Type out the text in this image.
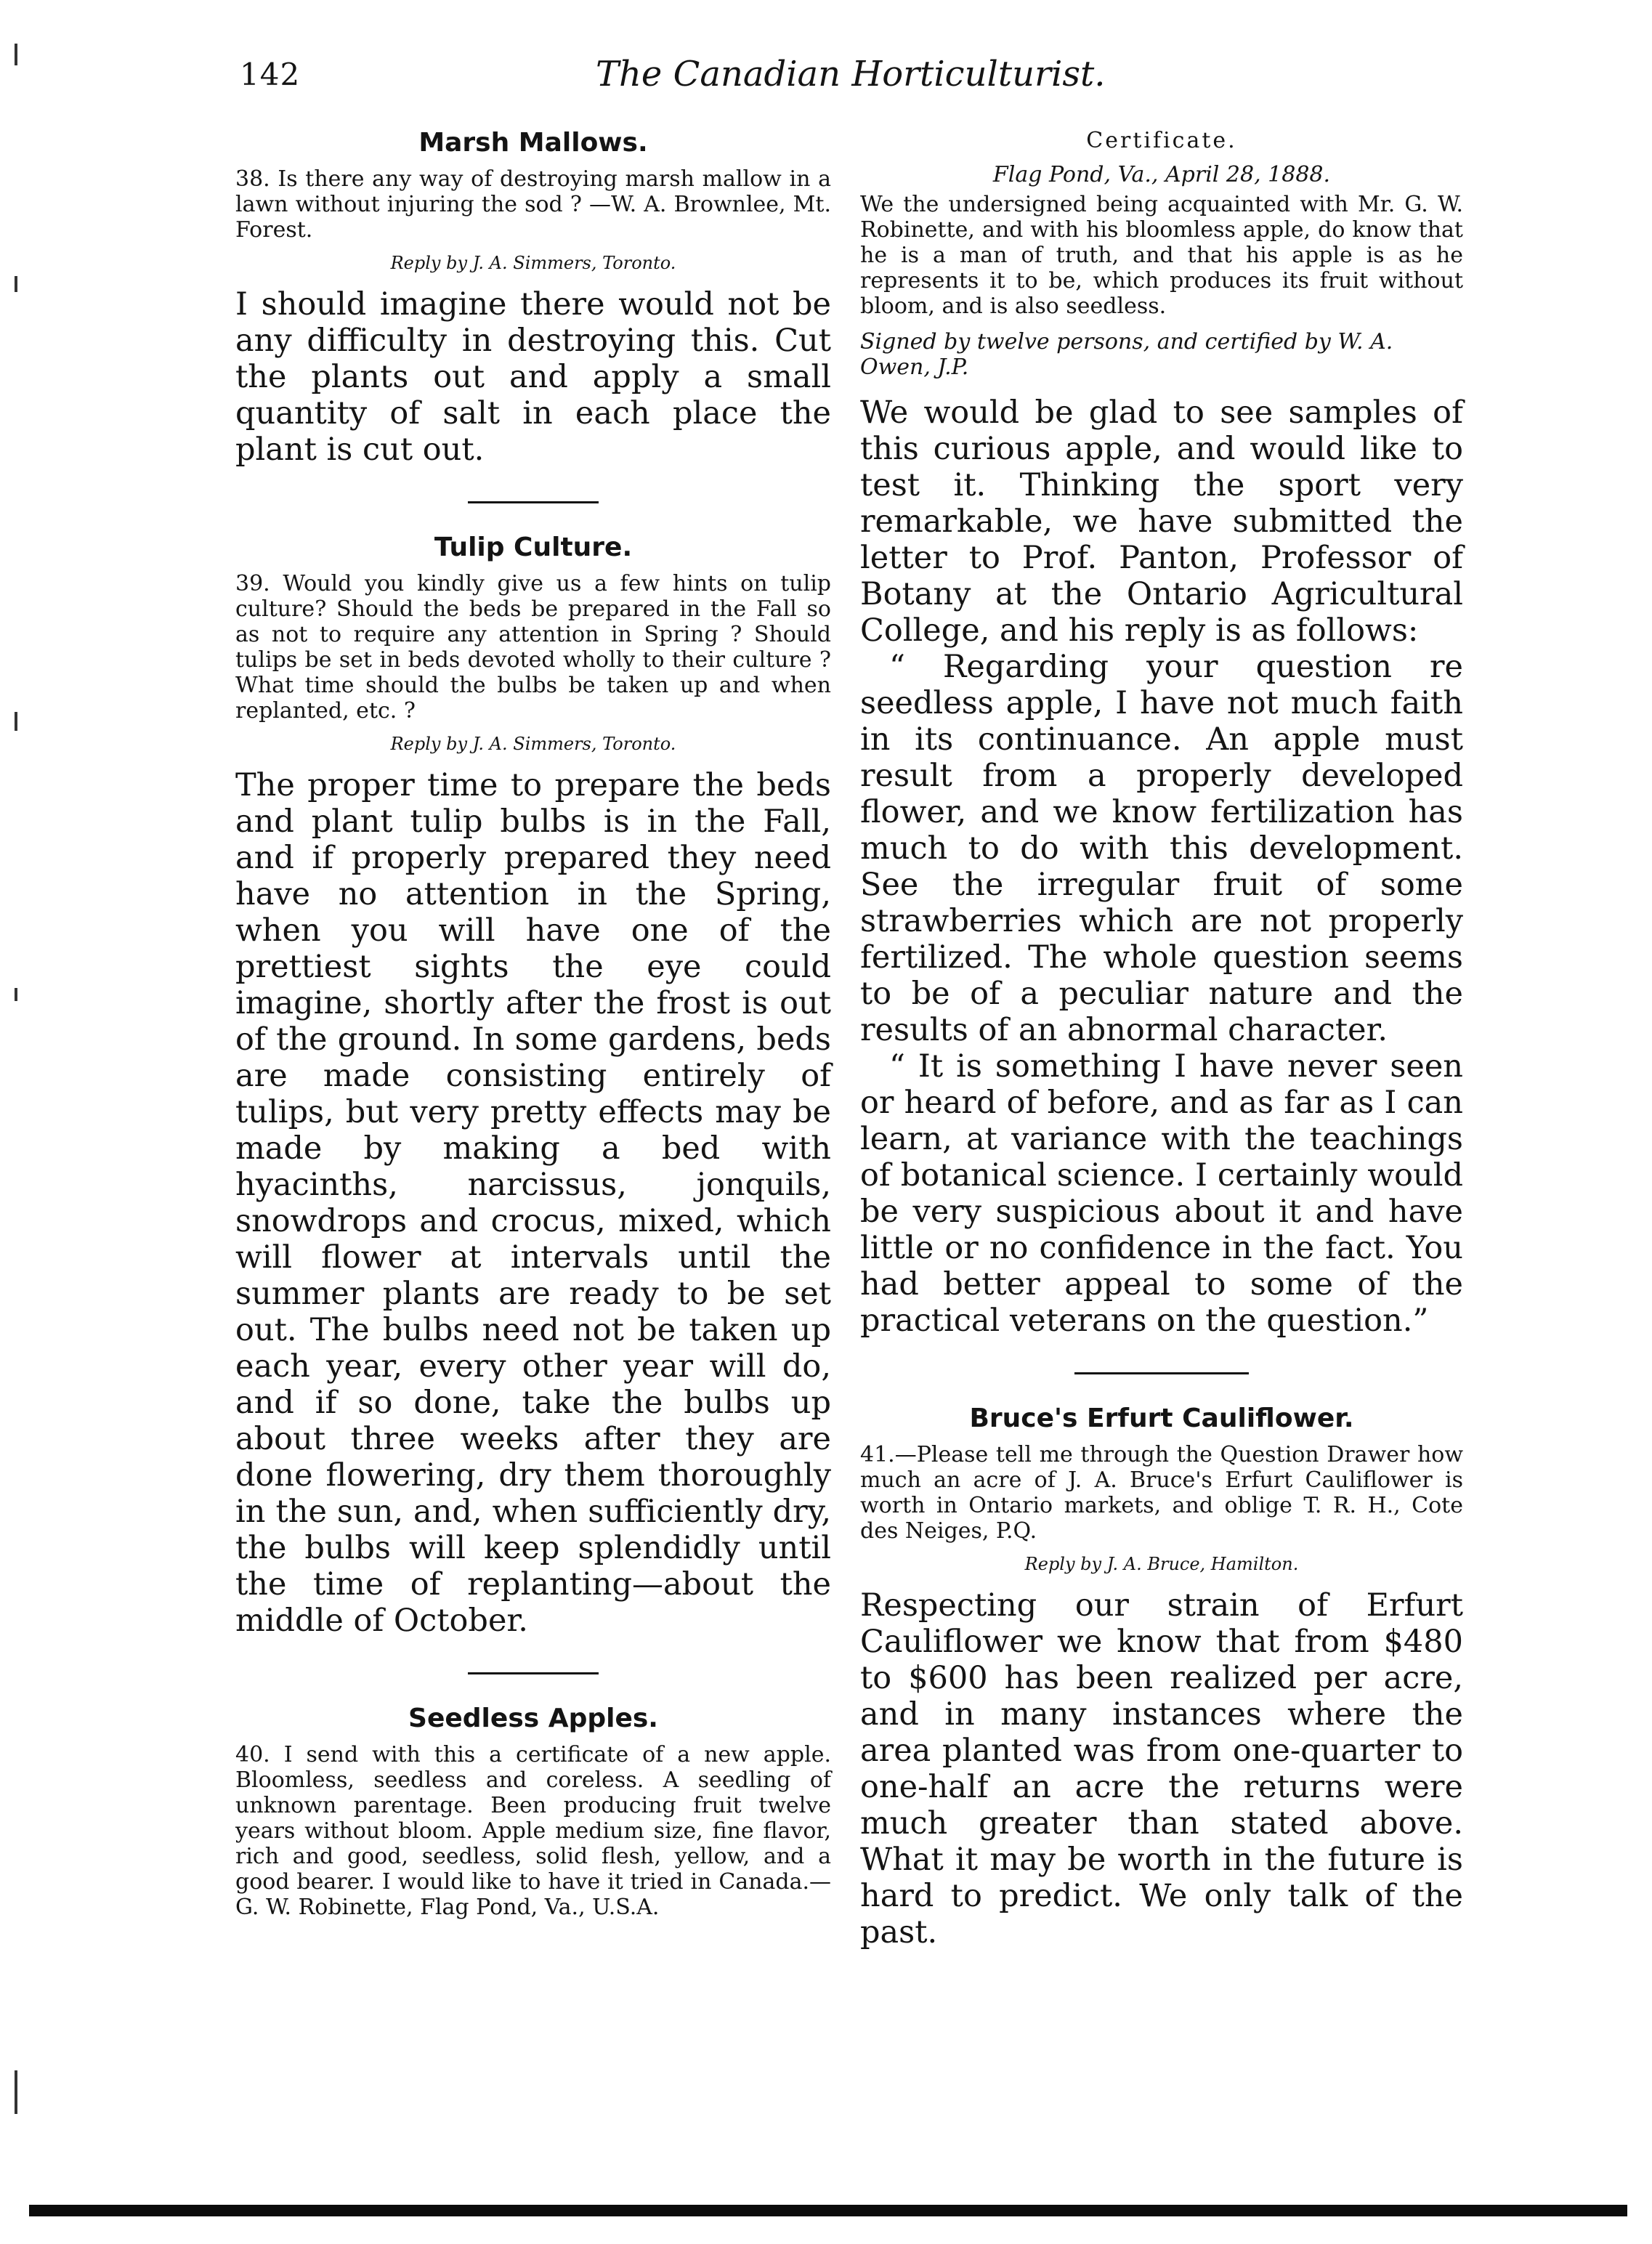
142	The Canadian Horticulturist.
Marsh Mallows.

38. Is there any way of destroying marsh mallow in a lawn without injuring the sod ? —W. A. Brownlee, Mt. Forest.

Reply by J. A. Simmers, Toronto.

I should imagine there would not be any difficulty in destroying this. Cut the plants out and apply a small quantity of salt in each place the plant is cut out.

Tulip Culture.

39. Would you kindly give us a few hints on tulip culture? Should the beds be prepared in the Fall so as not to require any attention in Spring ? Should tulips be set in beds devoted wholly to their culture ? What time should the bulbs be taken up and when replanted, etc. ?

Reply by J. A. Simmers, Toronto.

The proper time to prepare the beds and plant tulip bulbs is in the Fall, and if properly prepared they need have no attention in the Spring, when you will have one of the prettiest sights the eye could imagine, shortly after the frost is out of the ground. In some gardens, beds are made consisting entirely of tulips, but very pretty effects may be made by making a bed with hyacinths, narcissus, jonquils, snowdrops and crocus, mixed, which will flower at intervals until the summer plants are ready to be set out. The bulbs need not be taken up each year, every other year will do, and if so done, take the bulbs up about three weeks after they are done flowering, dry them thoroughly in the sun, and, when sufficiently dry, the bulbs will keep splendidly until the time of replanting—about the middle of October.

Seedless Apples.

40. I send with this a certificate of a new apple. Bloomless, seedless and coreless. A seedling of unknown parentage. Been producing fruit twelve years without bloom. Apple medium size, fine flavor, rich and good, seedless, solid flesh, yellow, and a good bearer. I would like to have it tried in Canada.—G. W. Robinette, Flag Pond, Va., U.S.A.

Certificate.

Flag Pond, Va., April 28, 1888.

We the undersigned being acquainted with Mr. G. W. Robinette, and with his bloomless apple, do know that he is a man of truth, and that his apple is as he represents it to be, which produces its fruit without bloom, and is also seedless.

Signed by twelve persons, and certified by W. A. Owen, J.P.

We would be glad to see samples of this curious apple, and would like to test it. Thinking the sport very remarkable, we have submitted the letter to Prof. Panton, Professor of Botany at the Ontario Agricultural College, and his reply is as follows:

“ Regarding your question re seedless apple, I have not much faith in its continuance. An apple must result from a properly developed flower, and we know fertilization has much to do with this development. See the irregular fruit of some strawberries which are not properly fertilized. The whole question seems to be of a peculiar nature and the results of an abnormal character.

“ It is something I have never seen or heard of before, and as far as I can learn, at variance with the teachings of botanical science. I certainly would be very suspicious about it and have little or no confidence in the fact. You had better appeal to some of the practical veterans on the question.”

Bruce's Erfurt Cauliflower.

41.—Please tell me through the Question Drawer how much an acre of J. A. Bruce's Erfurt Cauliflower is worth in Ontario markets, and oblige T. R. H., Cote des Neiges, P.Q.

Reply by J. A. Bruce, Hamilton.

Respecting our strain of Erfurt Cauliflower we know that from $480 to $600 has been realized per acre, and in many instances where the area planted was from one-quarter to one-half an acre the returns were much greater than stated above. What it may be worth in the future is hard to predict. We only talk of the past.
